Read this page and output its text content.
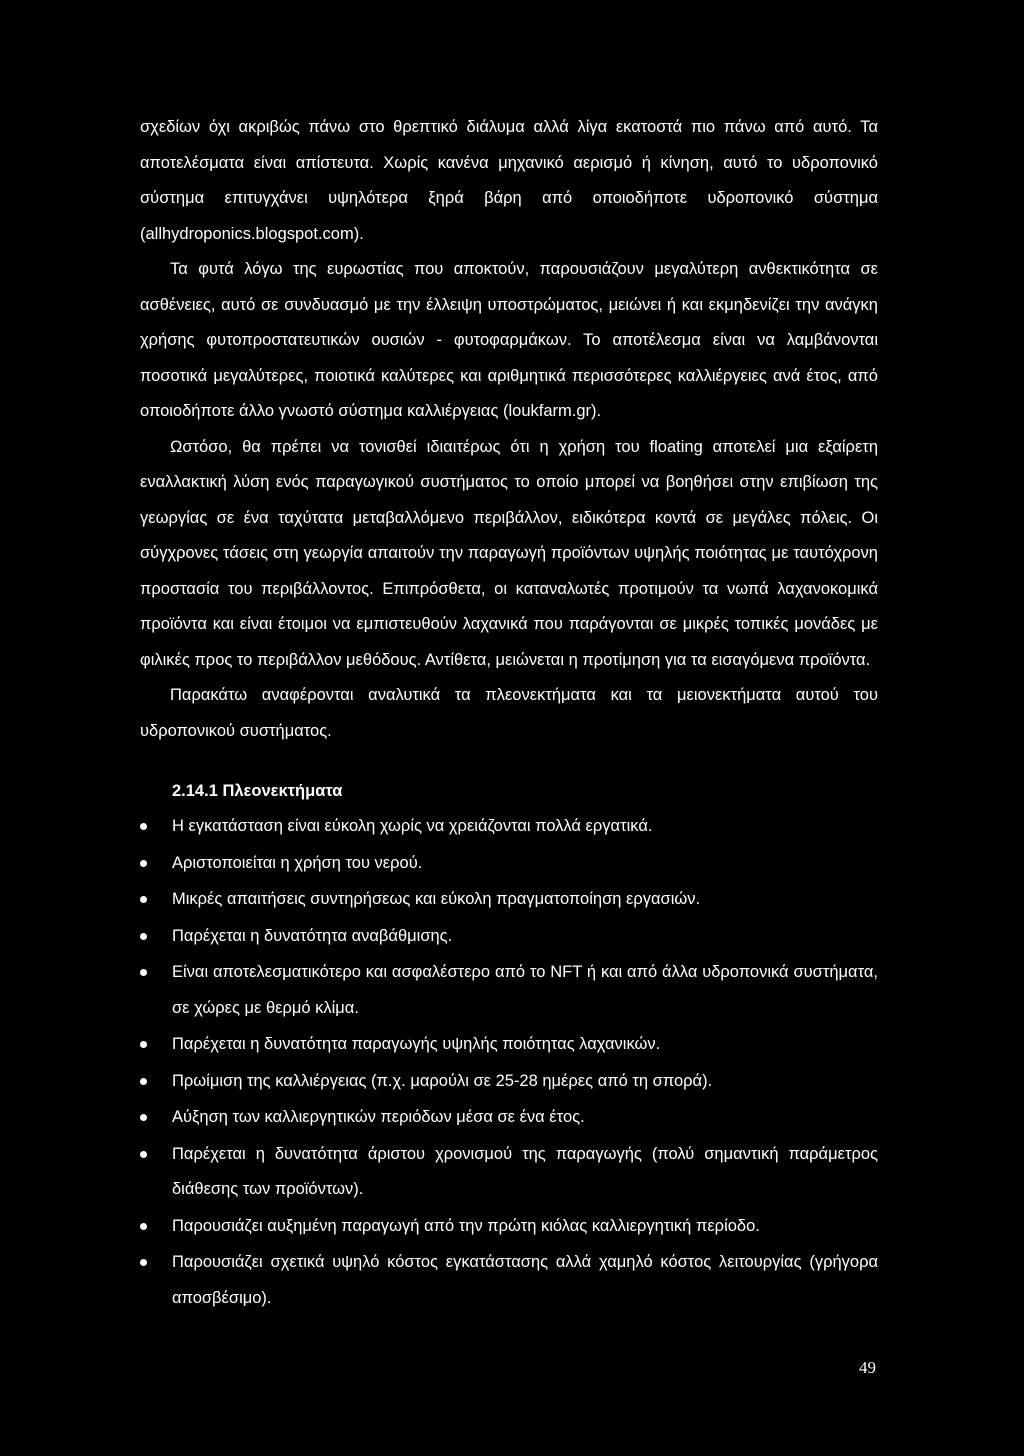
σχεδίων όχι ακριβώς πάνω στο θρεπτικό διάλυμα αλλά λίγα εκατοστά πιο πάνω από αυτό. Τα αποτελέσματα είναι απίστευτα. Χωρίς κανένα μηχανικό αερισμό ή κίνηση, αυτό το υδροπονικό σύστημα επιτυγχάνει υψηλότερα ξηρά βάρη από οποιοδήποτε υδροπονικό σύστημα (allhydroponics.blogspot.com).

Τα φυτά λόγω της ευρωστίας που αποκτούν, παρουσιάζουν μεγαλύτερη ανθεκτικότητα σε ασθένειες, αυτό σε συνδυασμό με την έλλειψη υποστρώματος, μειώνει ή και εκμηδενίζει την ανάγκη χρήσης φυτοπροστατευτικών ουσιών - φυτοφαρμάκων. Το αποτέλεσμα είναι να λαμβάνονται ποσοτικά μεγαλύτερες, ποιοτικά καλύτερες και αριθμητικά περισσότερες καλλιέργειες ανά έτος, από οποιοδήποτε άλλο γνωστό σύστημα καλλιέργειας (loukfarm.gr).

Ωστόσο, θα πρέπει να τονισθεί ιδιαιτέρως ότι η χρήση του floating αποτελεί μια εξαίρετη εναλλακτική λύση ενός παραγωγικού συστήματος το οποίο μπορεί να βοηθήσει στην επιβίωση της γεωργίας σε ένα ταχύτατα μεταβαλλόμενο περιβάλλον, ειδικότερα κοντά σε μεγάλες πόλεις. Οι σύγχρονες τάσεις στη γεωργία απαιτούν την παραγωγή προϊόντων υψηλής ποιότητας με ταυτόχρονη προστασία του περιβάλλοντος. Επιπρόσθετα, οι καταναλωτές προτιμούν τα νωπά λαχανοκομικά προϊόντα και είναι έτοιμοι να εμπιστευθούν λαχανικά που παράγονται σε μικρές τοπικές μονάδες με φιλικές προς το περιβάλλον μεθόδους. Αντίθετα, μειώνεται η προτίμηση για τα εισαγόμενα προϊόντα.

Παρακάτω αναφέρονται αναλυτικά τα πλεονεκτήματα και τα μειονεκτήματα αυτού του υδροπονικού συστήματος.

2.14.1 Πλεονεκτήματα
Η εγκατάσταση είναι εύκολη χωρίς να χρειάζονται πολλά εργατικά.
Αριστοποιείται η χρήση του νερού.
Μικρές απαιτήσεις συντηρήσεως και εύκολη πραγματοποίηση εργασιών.
Παρέχεται η δυνατότητα αναβάθμισης.
Είναι αποτελεσματικότερο και ασφαλέστερο από το NFT ή και από άλλα υδροπονικά συστήματα, σε χώρες με θερμό κλίμα.
Παρέχεται η δυνατότητα παραγωγής υψηλής ποιότητας λαχανικών.
Πρωίμιση της καλλιέργειας (π.χ. μαρούλι σε 25-28 ημέρες από τη σπορά).
Αύξηση των καλλιεργητικών περιόδων μέσα σε ένα έτος.
Παρέχεται η δυνατότητα άριστου χρονισμού της παραγωγής (πολύ σημαντική παράμετρος διάθεσης των προϊόντων).
Παρουσιάζει αυξημένη παραγωγή από την πρώτη κιόλας καλλιεργητική περίοδο.
Παρουσιάζει σχετικά υψηλό κόστος εγκατάστασης αλλά χαμηλό κόστος λειτουργίας (γρήγορα αποσβέσιμο).
49
